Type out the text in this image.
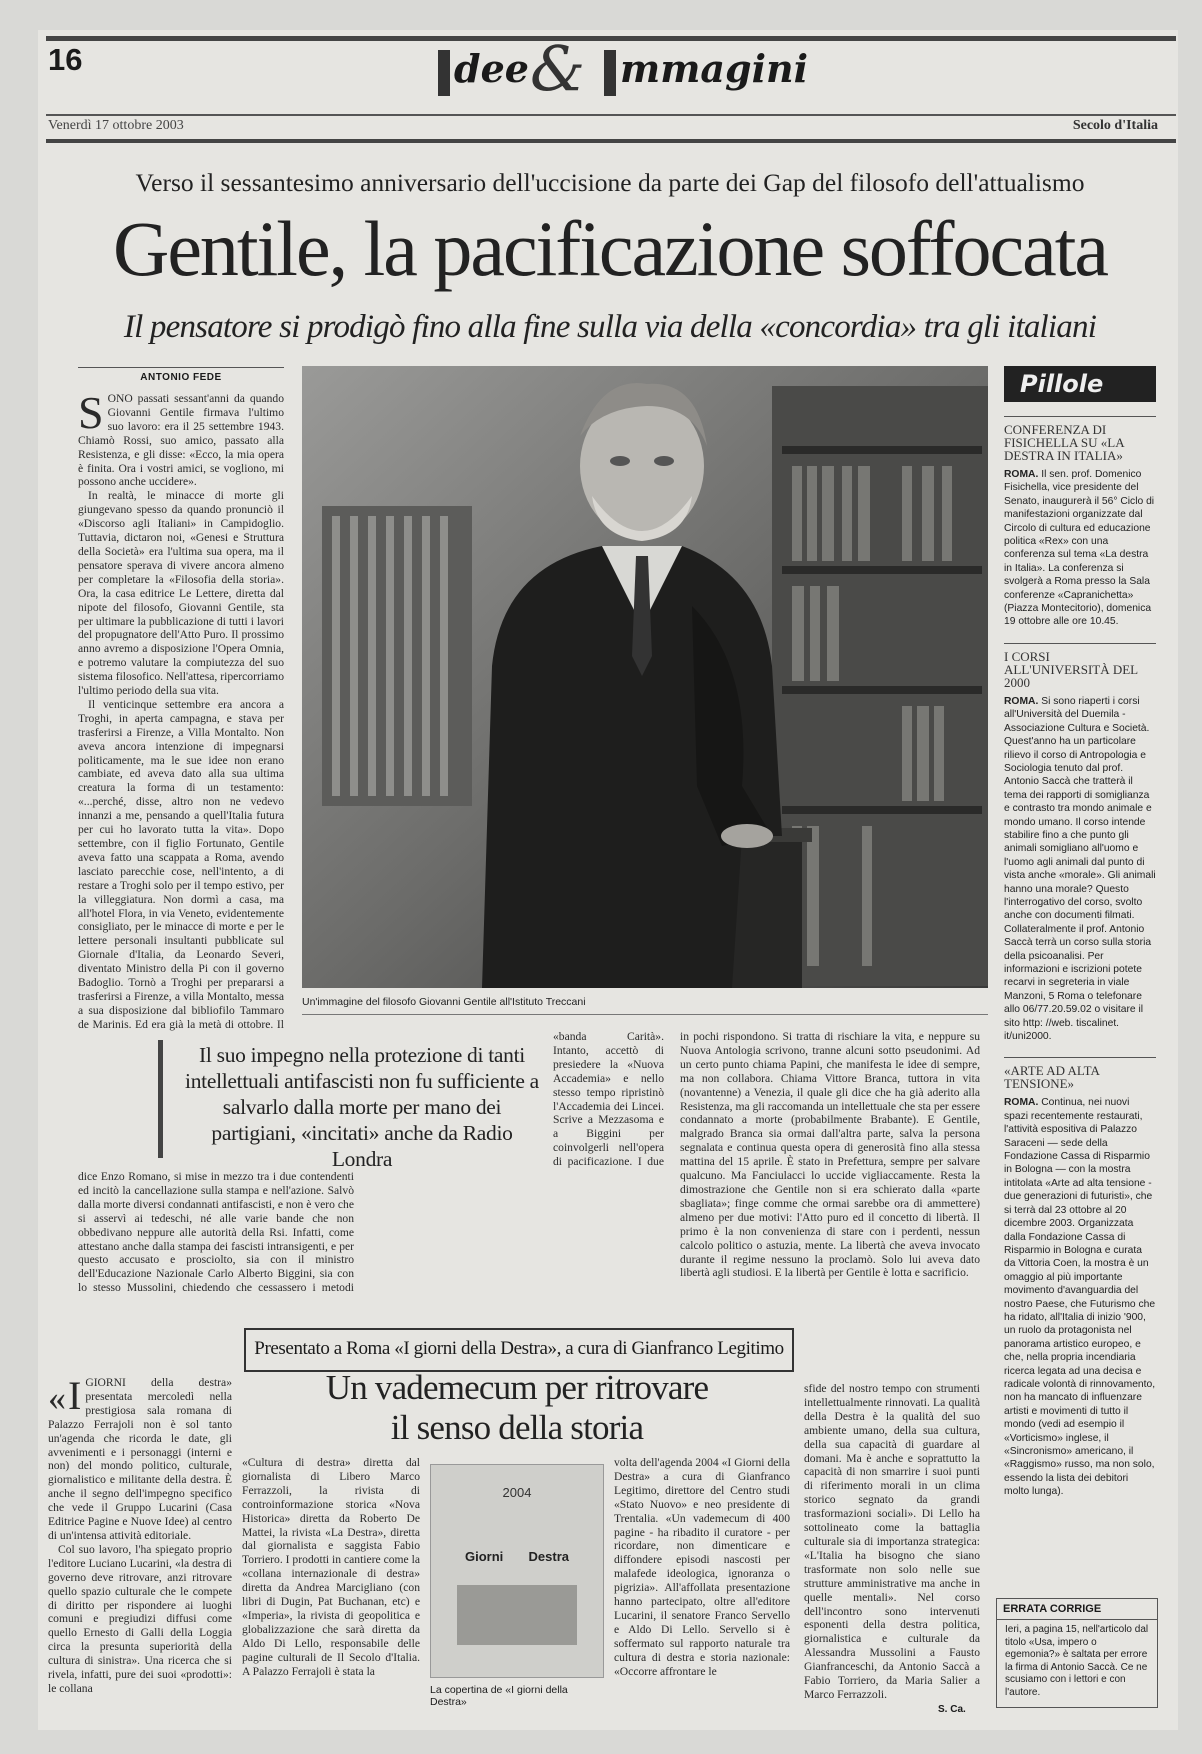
16	dee & mmagini
Venerdì 17 ottobre 2003	Secolo d'Italia
Verso il sessantesimo anniversario dell'uccisione da parte dei Gap del filosofo dell'attualismo
Gentile, la pacificazione soffocata
Il pensatore si prodigò fino alla fine sulla via della «concordia» tra gli italiani
ANTONIO FEDE
S ONO passati sessant'anni da quando Giovanni Gentile firmava l'ultimo suo lavoro: era il 25 settembre 1943. Chiamò Rossi, suo amico, passato alla Resistenza, e gli disse: «Ecco, la mia opera è finita. Ora i vostri amici, se vogliono, mi possono anche uccidere».

In realtà, le minacce di morte gli giungevano spesso da quando pronunciò il «Discorso agli Italiani» in Campidoglio. Tuttavia, dictaron noi, «Genesi e Struttura della Società» era l'ultima sua opera, ma il pensatore sperava di vivere ancora almeno per completare la «Filosofia della storia». Ora, la casa editrice Le Lettere, diretta dal nipote del filosofo, Giovanni Gentile, sta per ultimare la pubblicazione di tutti i lavori del propugnatore dell'Atto Puro. Il prossimo anno avremo a disposizione l'Opera Omnia, e potremo valutare la compiutezza del suo sistema filosofico. Nell'attesa, ripercorriamo l'ultimo periodo della sua vita.

Il venticinque settembre era ancora a Troghi, in aperta campagna, e stava per trasferirsi a Firenze, a Villa Montalto. Non aveva ancora intenzione di impegnarsi politicamente, ma le sue idee non erano cambiate, ed aveva dato alla sua ultima creatura la forma di un testamento: «...perché, disse, altro non ne vedevo innanzi a me, pensando a quell'Italia futura per cui ho lavorato tutta la vita». Dopo settembre, con il figlio Fortunato, Gentile aveva fatto una scappata a Roma, avendo lasciato parecchie cose, nell'intento, a di restare a Troghi solo per il tempo estivo, per la villeggiatura. Non dormì a casa, ma all'hotel Flora, in via Veneto, evidentemente consigliato, per le minacce di morte e per le lettere personali insultanti pubblicate sul Giornale d'Italia, da Leonardo Severi, diventato Ministro della Pi con il governo Badoglio. Tornò a Troghi per prepararsi a trasferirsi a Firenze, a villa Montalto, messa a sua disposizione dal bibliofilo Tammaro de Marinis. Ed era già la metà di ottobre. Il

Un'immagine del filosofo Giovanni Gentile all'Istituto Treccani
Il suo impegno nella protezione di tanti intellettuali antifascisti non fu sufficiente a salvarlo dalla morte per mano dei partigiani, «incitati» anche da Radio Londra

dice Enzo Romano, si mise in mezzo tra i due contendenti ed incitò la cancellazione sulla stampa e nell'azione. Salvò dalla morte diversi condannati antifascisti, e non è vero che si asservì ai tedeschi, né alle varie bande che non obbedivano neppure alle autorità della Rsi. Infatti, come attestano anche dalla stampa dei fascisti intransigenti, e per questo accusato e prosciolto, sia con il ministro dell'Educazione Nazionale Carlo Alberto Biggini, sia con lo stesso Mussolini, chiedendo che cessassero i metodi

«banda Carità». Intanto, accettò di presiedere la «Nuova Accademia» e nello stesso tempo ripristinò l'Accademia dei Lincei. Scrive a Mezzasoma e a Biggini per coinvolgerli nell'opera di pacificazione. I due

in pochi rispondono. Si tratta di rischiare la vita, e neppure su Nuova Antologia scrivono, tranne alcuni sotto pseudonimi. Ad un certo punto chiama Papini, che manifesta le idee di sempre, ma non collabora. Chiama Vittore Branca, tuttora in vita (novantenne) a Venezia, il quale gli dice che ha già aderito alla Resistenza, ma gli raccomanda un intellettuale che sta per essere condannato a morte (probabilmente Brabante). E Gentile, malgrado Branca sia ormai dall'altra parte, salva la persona segnalata e continua questa opera di generosità fino alla stessa mattina del 15 aprile. È stato in Prefettura, sempre per salvare qualcuno. Ma Fanciulacci lo uccide vigliaccamente. Resta la dimostrazione che Gentile non si era schierato dalla «parte sbagliata»; finge comme che ormai sarebbe ora di ammettere) almeno per due motivi: l'Atto puro ed il concetto di libertà. Il primo è la non convenienza di stare con i perdenti, nessun calcolo politico o astuzia, mente. La libertà che aveva invocato durante il regime nessuno la proclamò. Solo lui aveva dato libertà agli studiosi. E la libertà per Gentile è lotta e sacrificio.

Pillole
CONFERENZA DI FISICHELLA SU «LA DESTRA IN ITALIA»
ROMA. Il sen. prof. Domenico Fisichella, vice presidente del Senato, inaugurerà il 56° Ciclo di manifestazioni organizzate dal Circolo di cultura ed educazione politica «Rex» con una conferenza sul tema «La destra in Italia». La conferenza si svolgerà a Roma presso la Sala conferenze «Capranichetta» (Piazza Montecitorio), domenica 19 ottobre alle ore 10.45.
I CORSI ALL'UNIVERSITÀ DEL 2000
ROMA. Si sono riaperti i corsi all'Università del Duemila - Associazione Cultura e Società. Quest'anno ha un particolare rilievo il corso di Antropologia e Sociologia tenuto dal prof. Antonio Saccà che tratterà il tema dei rapporti di somiglianza e contrasto tra mondo animale e mondo umano. Il corso intende stabilire fino a che punto gli animali somigliano all'uomo e l'uomo agli animali dal punto di vista anche «morale». Gli animali hanno una morale? Questo l'interrogativo del corso, svolto anche con documenti filmati. Collateralmente il prof. Antonio Saccà terrà un corso sulla storia della psicoanalisi. Per informazioni e iscrizioni potete recarvi in segreteria in viale Manzoni, 5 Roma o telefonare allo 06/77.20.59.02 o visitare il sito http: //web. tiscalinet. it/uni2000.
«ARTE AD ALTA TENSIONE»
ROMA. Continua, nei nuovi spazi recentemente restaurati, l'attività espositiva di Palazzo Saraceni — sede della Fondazione Cassa di Risparmio in Bologna — con la mostra intitolata «Arte ad alta tensione - due generazioni di futuristi», che si terrà dal 23 ottobre al 20 dicembre 2003. Organizzata dalla Fondazione Cassa di Risparmio in Bologna e curata da Vittoria Coen, la mostra è un omaggio al più importante movimento d'avanguardia del nostro Paese, che Futurismo che ha ridato, all'Italia di inizio '900, un ruolo da protagonista nel panorama artistico europeo, e che, nella propria incendiaria ricerca legata ad una decisa e radicale volontà di rinnovamento, non ha mancato di influenzare artisti e movimenti di tutto il mondo (vedi ad esempio il «Vorticismo» inglese, il «Sincronismo» americano, il «Raggismo» russo, ma non solo, essendo la lista dei debitori molto lunga).
ERRATA CORRIGE
Ieri, a pagina 15, nell'articolo dal titolo «Usa, impero o egemonia?» è saltata per errore la firma di Antonio Saccà. Ce ne scusiamo con i lettori e con l'autore.
Presentato a Roma «I giorni della Destra», a cura di Gianfranco Legitimo
Un vademecum per ritrovare
il senso della storia
« I GIORNI della destra» presentata mercoledì nella prestigiosa sala romana di Palazzo Ferrajoli non è sol tanto un'agenda che ricorda le date, gli avvenimenti e i personaggi (interni e non) del mondo politico, culturale, giornalistico e militante della destra. È anche il segno dell'impegno specifico che vede il Gruppo Lucarini (Casa Editrice Pagine e Nuove Idee) al centro di un'intensa attività editoriale.

Col suo lavoro, l'ha spiegato proprio l'editore Luciano Lucarini, «la destra di governo deve ritrovare, anzi ritrovare quello spazio culturale che le compete di diritto per rispondere ai luoghi comuni e pregiudizi diffusi come quello Ernesto di Galli della Loggia circa la presunta superiorità della cultura di sinistra». Una ricerca che si rivela, infatti, pure dei suoi «prodotti»: le collana

«Cultura di destra» diretta dal giornalista di Libero Marco Ferrazzoli, la rivista di controinformazione storica «Nova Historica» diretta da Roberto De Mattei, la rivista «La Destra», diretta dal giornalista e saggista Fabio Torriero. I prodotti in cantiere come la «collana internazionale di destra» diretta da Andrea Marcigliano (con libri di Dugin, Pat Buchanan, etc) e «Imperia», la rivista di geopolitica e globalizzazione che sarà diretta da Aldo Di Lello, responsabile delle pagine culturali de Il Secolo d'Italia. A Palazzo Ferrajoli è stata la

2004
Giorni Destra
La copertina de «I giorni della Destra»

volta dell'agenda 2004 «I Giorni della Destra» a cura di Gianfranco Legitimo, direttore del Centro studi «Stato Nuovo» e neo presidente di Trentalia. «Un vademecum di 400 pagine - ha ribadito il curatore - per ricordare, non dimenticare e diffondere episodi nascosti per malafede ideologica, ignoranza o pigrizia». All'affollata presentazione hanno partecipato, oltre all'editore Lucarini, il senatore Franco Servello e Aldo Di Lello. Servello si è soffermato sul rapporto naturale tra cultura di destra e storia nazionale: «Occorre affrontare le

sfide del nostro tempo con strumenti intellettualmente rinnovati. La qualità della Destra è la qualità del suo ambiente umano, della sua cultura, della sua capacità di guardare al domani. Ma è anche e soprattutto la capacità di non smarrire i suoi punti di riferimento morali in un clima storico segnato da grandi trasformazioni sociali». Di Lello ha sottolineato come la battaglia culturale sia di importanza strategica: «L'Italia ha bisogno che siano trasformate non solo nelle sue strutture amministrative ma anche in quelle mentali». Nel corso dell'incontro sono intervenuti esponenti della destra politica, giornalistica e culturale da Alessandra Mussolini a Fausto Gianfranceschi, da Antonio Saccà a Fabio Torriero, da Maria Salier a Marco Ferrazzoli.

S. Ca.
